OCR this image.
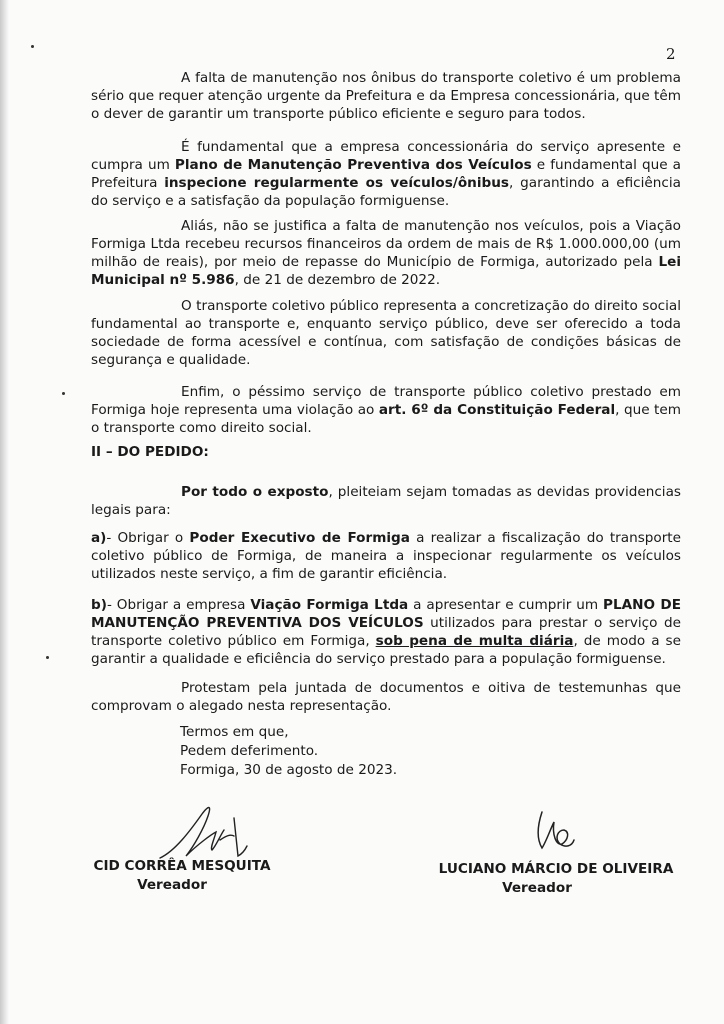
2

A falta de manutenção nos ônibus do transporte coletivo é um problema sério que requer atenção urgente da Prefeitura e da Empresa concessionária, que têm o dever de garantir um transporte público eficiente e seguro para todos.

É fundamental que a empresa concessionária do serviço apresente e cumpra um Plano de Manutenção Preventiva dos Veículos e fundamental que a Prefeitura inspecione regularmente os veículos/ônibus, garantindo a eficiência do serviço e a satisfação da população formiguense.

Aliás, não se justifica a falta de manutenção nos veículos, pois a Viação Formiga Ltda recebeu recursos financeiros da ordem de mais de R$ 1.000.000,00 (um milhão de reais), por meio de repasse do Município de Formiga, autorizado pela Lei Municipal nº 5.986, de 21 de dezembro de 2022.

O transporte coletivo público representa a concretização do direito social fundamental ao transporte e, enquanto serviço público, deve ser oferecido a toda sociedade de forma acessível e contínua, com satisfação de condições básicas de segurança e qualidade.

Enfim, o péssimo serviço de transporte público coletivo prestado em Formiga hoje representa uma violação ao art. 6º da Constituição Federal, que tem o transporte como direito social.

II – DO PEDIDO:

Por todo o exposto, pleiteiam sejam tomadas as devidas providencias legais para:

a)- Obrigar o Poder Executivo de Formiga a realizar a fiscalização do transporte coletivo público de Formiga, de maneira a inspecionar regularmente os veículos utilizados neste serviço, a fim de garantir eficiência.

b)- Obrigar a empresa Viação Formiga Ltda a apresentar e cumprir um PLANO DE MANUTENÇÃO PREVENTIVA DOS VEÍCULOS utilizados para prestar o serviço de transporte coletivo público em Formiga, sob pena de multa diária, de modo a se garantir a qualidade e eficiência do serviço prestado para a população formiguense.

Protestam pela juntada de documentos e oitiva de testemunhas que comprovam o alegado nesta representação.

Termos em que,
Pedem deferimento.
Formiga, 30 de agosto de 2023.
CID CORRÊA MESQUITA
Vereador
LUCIANO MÁRCIO DE OLIVEIRA
Vereador
